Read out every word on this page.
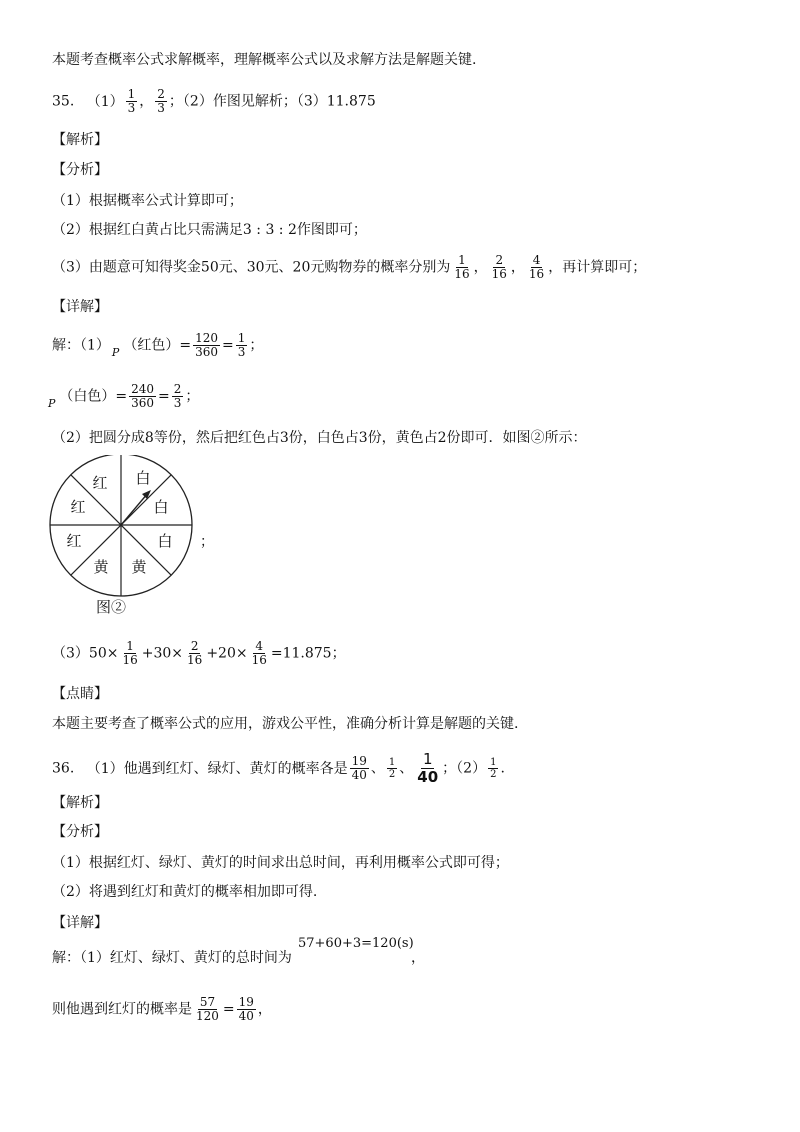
本题考查概率公式求解概率，理解概率公式以及求解方法是解题关键.
35. $(1) \frac{1}{3}$ ， $\frac{2}{3}$ ；（2）作图见解析；（3）11.875
【解析】
【分析】
（1）根据概率公式计算即可；
（2）根据红白黄占比只需满足3 : 3 : 2作图即可；
（3）由题意可知得奖金50元、30元、20元购物券的概率分别为 $\frac{1}{16}$ ， $\frac{2}{16}$ ， $\frac{4}{16}$ ，再计算即可；
【详解】
解：（1） $_P$ （红色）= $\frac{120}{360} = \frac{1}{3}$ ；
$_P$ （白色）= $\frac{240}{360} = \frac{2}{3}$ ；
（2）把圆分成8等份，然后把红色占3份，白色占3份，黄色占2份即可．如图②所示：
白
白
白
黄
黄
红
红
红
；
图②
$(3)50\times \frac{1}{16} +30\times \frac{2}{16} +20\times \frac{4}{16} =11.875$；
【点睛】
本题主要考查了概率公式的应用，游戏公平性，准确分析计算是解题的关键.
36. （1）他遇到红灯、绿灯、黄灯的概率各是 $\frac{19}{40}$ 、 $\frac{1}{2}$ 、 $\frac{1}{40}$ ；$(2) \frac{1}{2}$ .
【解析】
【分析】
（1）根据红灯、绿灯、黄灯的时间求出总时间，再利用概率公式即可得；
（2）将遇到红灯和黄灯的概率相加即可得.
【详解】
解：（1）红灯、绿灯、黄灯的总时间为
57+60+3=120(s)
，
则他遇到红灯的概率是 $\frac{57}{120} = \frac{19}{40}$ ，
